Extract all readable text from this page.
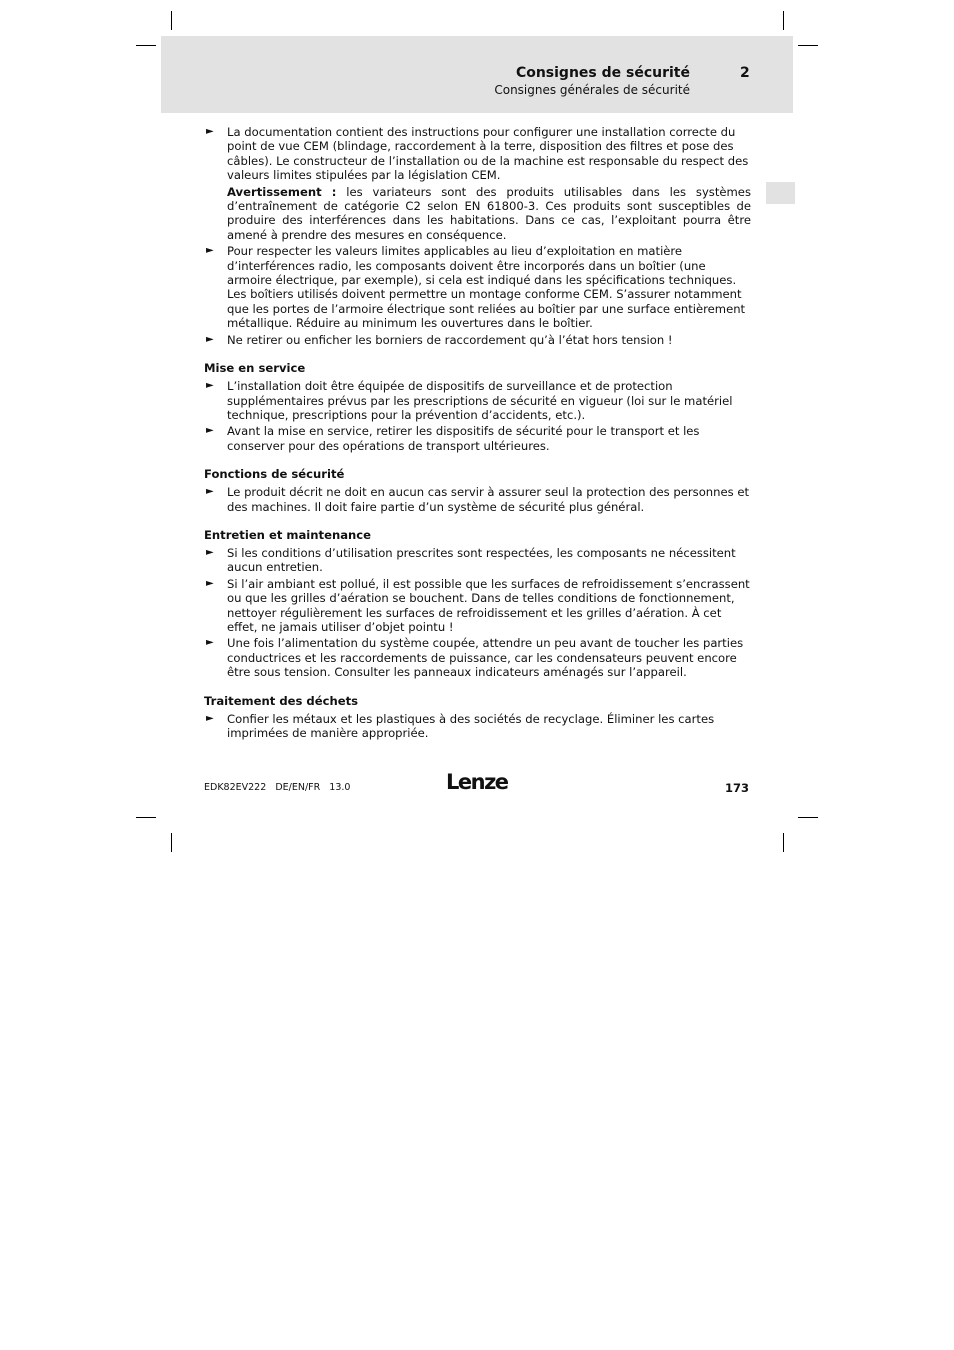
Consignes de sécurité	2
Consignes générales de sécurité
► La documentation contient des instructions pour configurer une installation correcte du point de vue CEM (blindage, raccordement à la terre, disposition des filtres et pose des câbles). Le constructeur de l’installation ou de la machine est responsable du respect des valeurs limites stipulées par la législation CEM.

Avertissement : les variateurs sont des produits utilisables dans les systèmes d’entraînement de catégorie C2 selon EN 61800-3. Ces produits sont susceptibles de produire des interférences dans les habitations. Dans ce cas, l’exploitant pourra être amené à prendre des mesures en conséquence.

► Pour respecter les valeurs limites applicables au lieu d’exploitation en matière d’interférences radio, les composants doivent être incorporés dans un boîtier (une armoire électrique, par exemple), si cela est indiqué dans les spécifications techniques. Les boîtiers utilisés doivent permettre un montage conforme CEM. S’assurer notamment que les portes de l’armoire électrique sont reliées au boîtier par une surface entièrement métallique. Réduire au minimum les ouvertures dans le boîtier.

► Ne retirer ou enficher les borniers de raccordement qu’à l’état hors tension !

Mise en service
► L’installation doit être équipée de dispositifs de surveillance et de protection supplémentaires prévus par les prescriptions de sécurité en vigueur (loi sur le matériel technique, prescriptions pour la prévention d’accidents, etc.).

► Avant la mise en service, retirer les dispositifs de sécurité pour le transport et les conserver pour des opérations de transport ultérieures.

Fonctions de sécurité
► Le produit décrit ne doit en aucun cas servir à assurer seul la protection des personnes et des machines. Il doit faire partie d’un système de sécurité plus général.

Entretien et maintenance
► Si les conditions d’utilisation prescrites sont respectées, les composants ne nécessitent aucun entretien.

► Si l’air ambiant est pollué, il est possible que les surfaces de refroidissement s’encrassent ou que les grilles d’aération se bouchent. Dans de telles conditions de fonctionnement, nettoyer régulièrement les surfaces de refroidissement et les grilles d’aération. À cet effet, ne jamais utiliser d’objet pointu !

► Une fois l’alimentation du système coupée, attendre un peu avant de toucher les parties conductrices et les raccordements de puissance, car les condensateurs peuvent encore être sous tension. Consulter les panneaux indicateurs aménagés sur l’appareil.

Traitement des déchets
► Confier les métaux et les plastiques à des sociétés de recyclage. Éliminer les cartes imprimées de manière appropriée.

EDK82EV222   DE/EN/FR   13.0	Lenze	173
